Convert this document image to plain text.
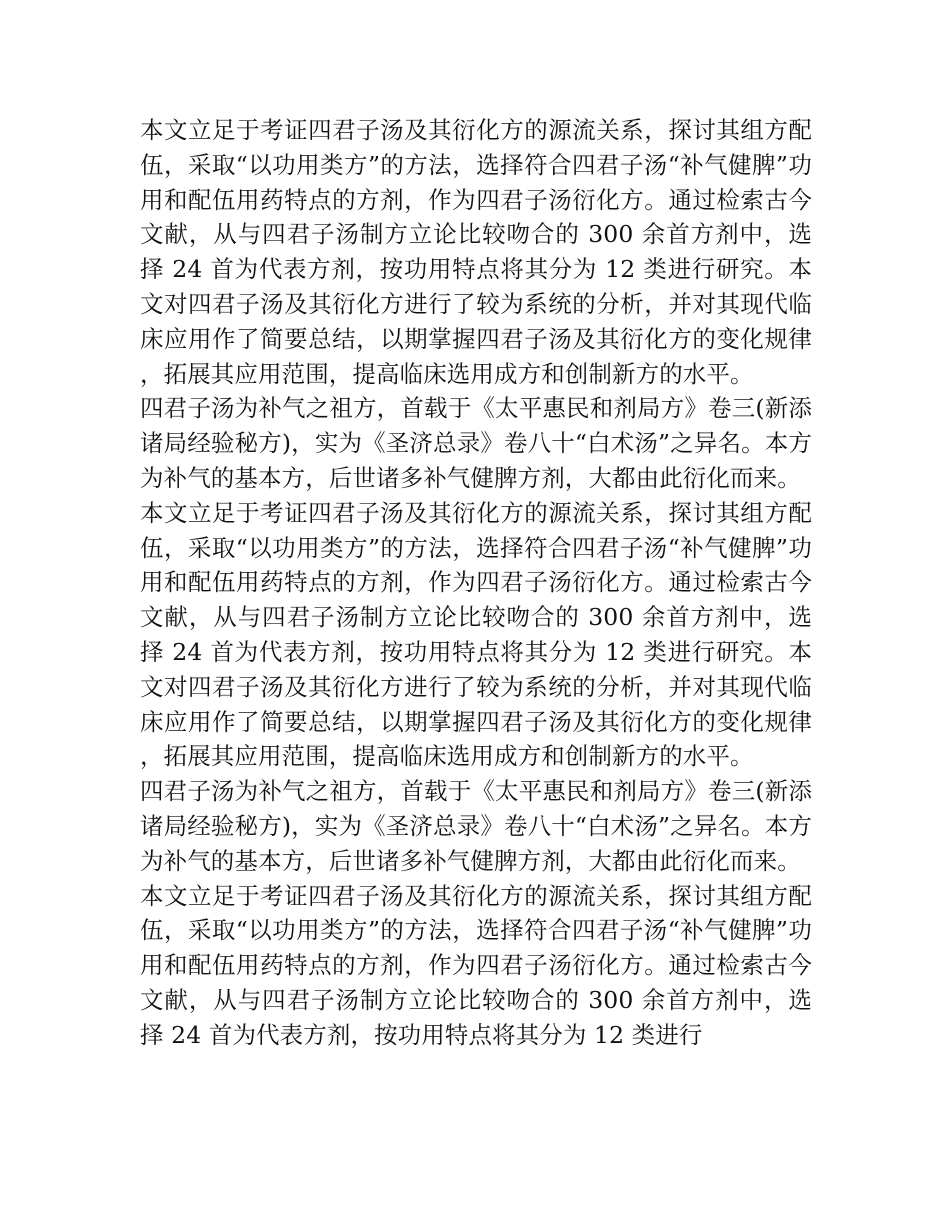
本文立足于考证四君子汤及其衍化方的源流关系，探讨其组方配伍，采取“以功用类方”的方法，选择符合四君子汤“补气健脾”功用和配伍用药特点的方剂，作为四君子汤衍化方。通过检索古今文献，从与四君子汤制方立论比较吻合的 300 余首方剂中，选择 24 首为代表方剂，按功用特点将其分为 12 类进行研究。本文对四君子汤及其衍化方进行了较为系统的分析，并对其现代临床应用作了简要总结，以期掌握四君子汤及其衍化方的变化规律，拓展其应用范围，提高临床选用成方和创制新方的水平。

四君子汤为补气之祖方，首载于《太平惠民和剂局方》卷三(新添诸局经验秘方)，实为《圣济总录》卷八十“白术汤”之异名。本方为补气的基本方，后世诸多补气健脾方剂，大都由此衍化而来。

本文立足于考证四君子汤及其衍化方的源流关系，探讨其组方配伍，采取“以功用类方”的方法，选择符合四君子汤“补气健脾”功用和配伍用药特点的方剂，作为四君子汤衍化方。通过检索古今文献，从与四君子汤制方立论比较吻合的 300 余首方剂中，选择 24 首为代表方剂，按功用特点将其分为 12 类进行研究。本文对四君子汤及其衍化方进行了较为系统的分析，并对其现代临床应用作了简要总结，以期掌握四君子汤及其衍化方的变化规律，拓展其应用范围，提高临床选用成方和创制新方的水平。

四君子汤为补气之祖方，首载于《太平惠民和剂局方》卷三(新添诸局经验秘方)，实为《圣济总录》卷八十“白术汤”之异名。本方为补气的基本方，后世诸多补气健脾方剂，大都由此衍化而来。

本文立足于考证四君子汤及其衍化方的源流关系，探讨其组方配伍，采取“以功用类方”的方法，选择符合四君子汤“补气健脾”功用和配伍用药特点的方剂，作为四君子汤衍化方。通过检索古今文献，从与四君子汤制方立论比较吻合的 300 余首方剂中，选择 24 首为代表方剂，按功用特点将其分为 12 类进行
